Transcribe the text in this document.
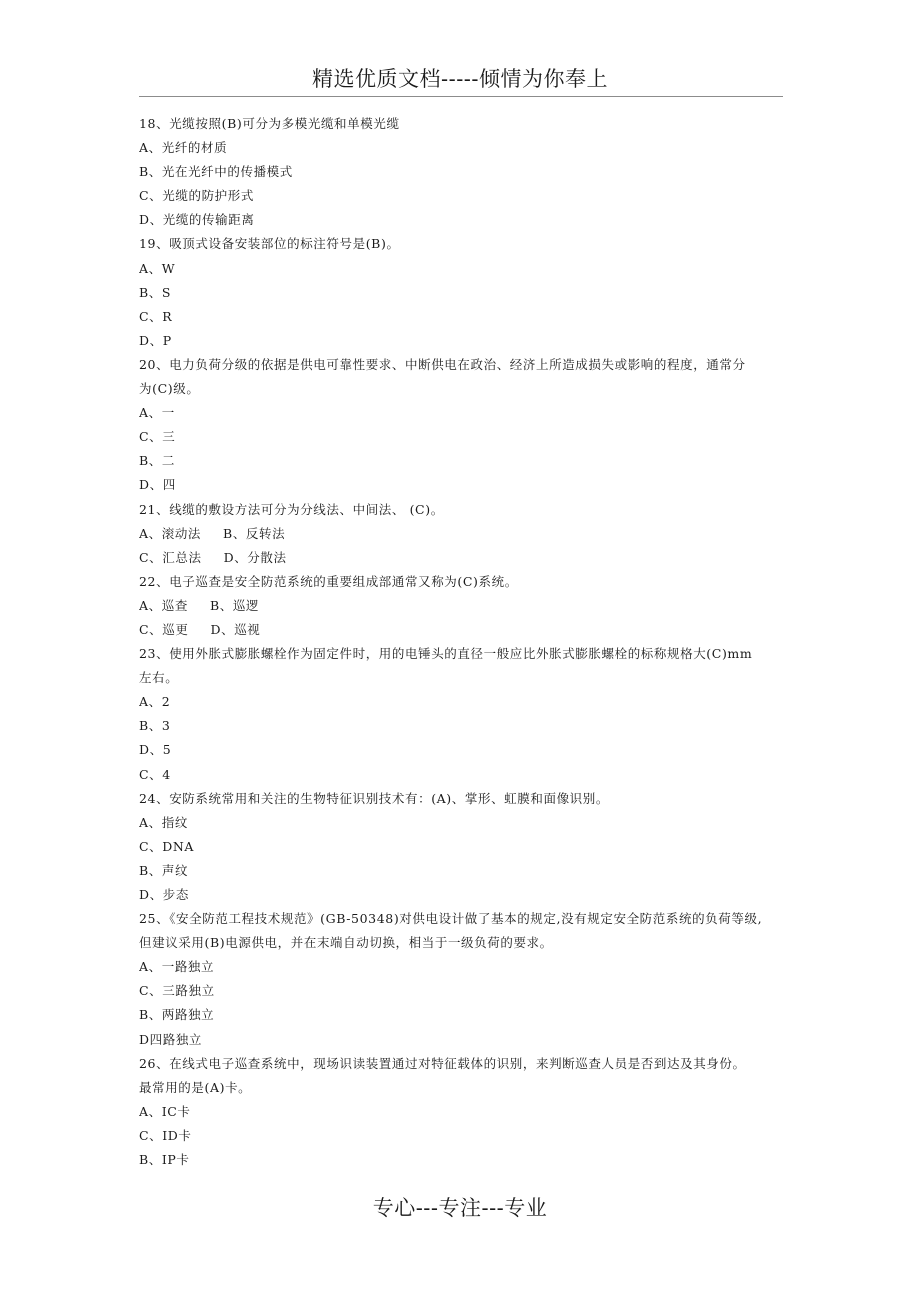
精选优质文档-----倾情为你奉上
18、光缆按照(B)可分为多模光缆和单模光缆
A、光纤的材质
B、光在光纤中的传播模式
C、光缆的防护形式
D、光缆的传输距离
19、吸顶式设备安装部位的标注符号是(B)。
A、W
B、S
C、R
D、P
20、电力负荷分级的依据是供电可靠性要求、中断供电在政治、经济上所造成损失或影响的程度，通常分
为(C)级。
A、一
C、三
B、二
D、四
21、线缆的敷设方法可分为分线法、中间法、 (C)。
A、滚动法 B、反转法
C、汇总法 D、分散法
22、电子巡查是安全防范系统的重要组成部通常又称为(C)系统。
A、巡查 B、巡逻
C、巡更 D、巡视
23、使用外胀式膨胀螺栓作为固定件时，用的电锤头的直径一般应比外胀式膨胀螺栓的标称规格大(C)mm
左右。
A、2
B、3
D、5
C、4
24、安防系统常用和关注的生物特征识别技术有：(A)、掌形、虹膜和面像识别。
A、指纹
C、DNA
B、声纹
D、步态
25、《安全防范工程技术规范》(GB-50348)对供电设计做了基本的规定,没有规定安全防范系统的负荷等级,
但建议采用(B)电源供电，并在末端自动切换，相当于一级负荷的要求。
A、一路独立
C、三路独立
B、两路独立
D四路独立
26、在线式电子巡查系统中，现场识读装置通过对特征载体的识别，来判断巡查人员是否到达及其身份。
最常用的是(A)卡。
A、IC卡
C、ID卡
B、IP卡
专心---专注---专业
